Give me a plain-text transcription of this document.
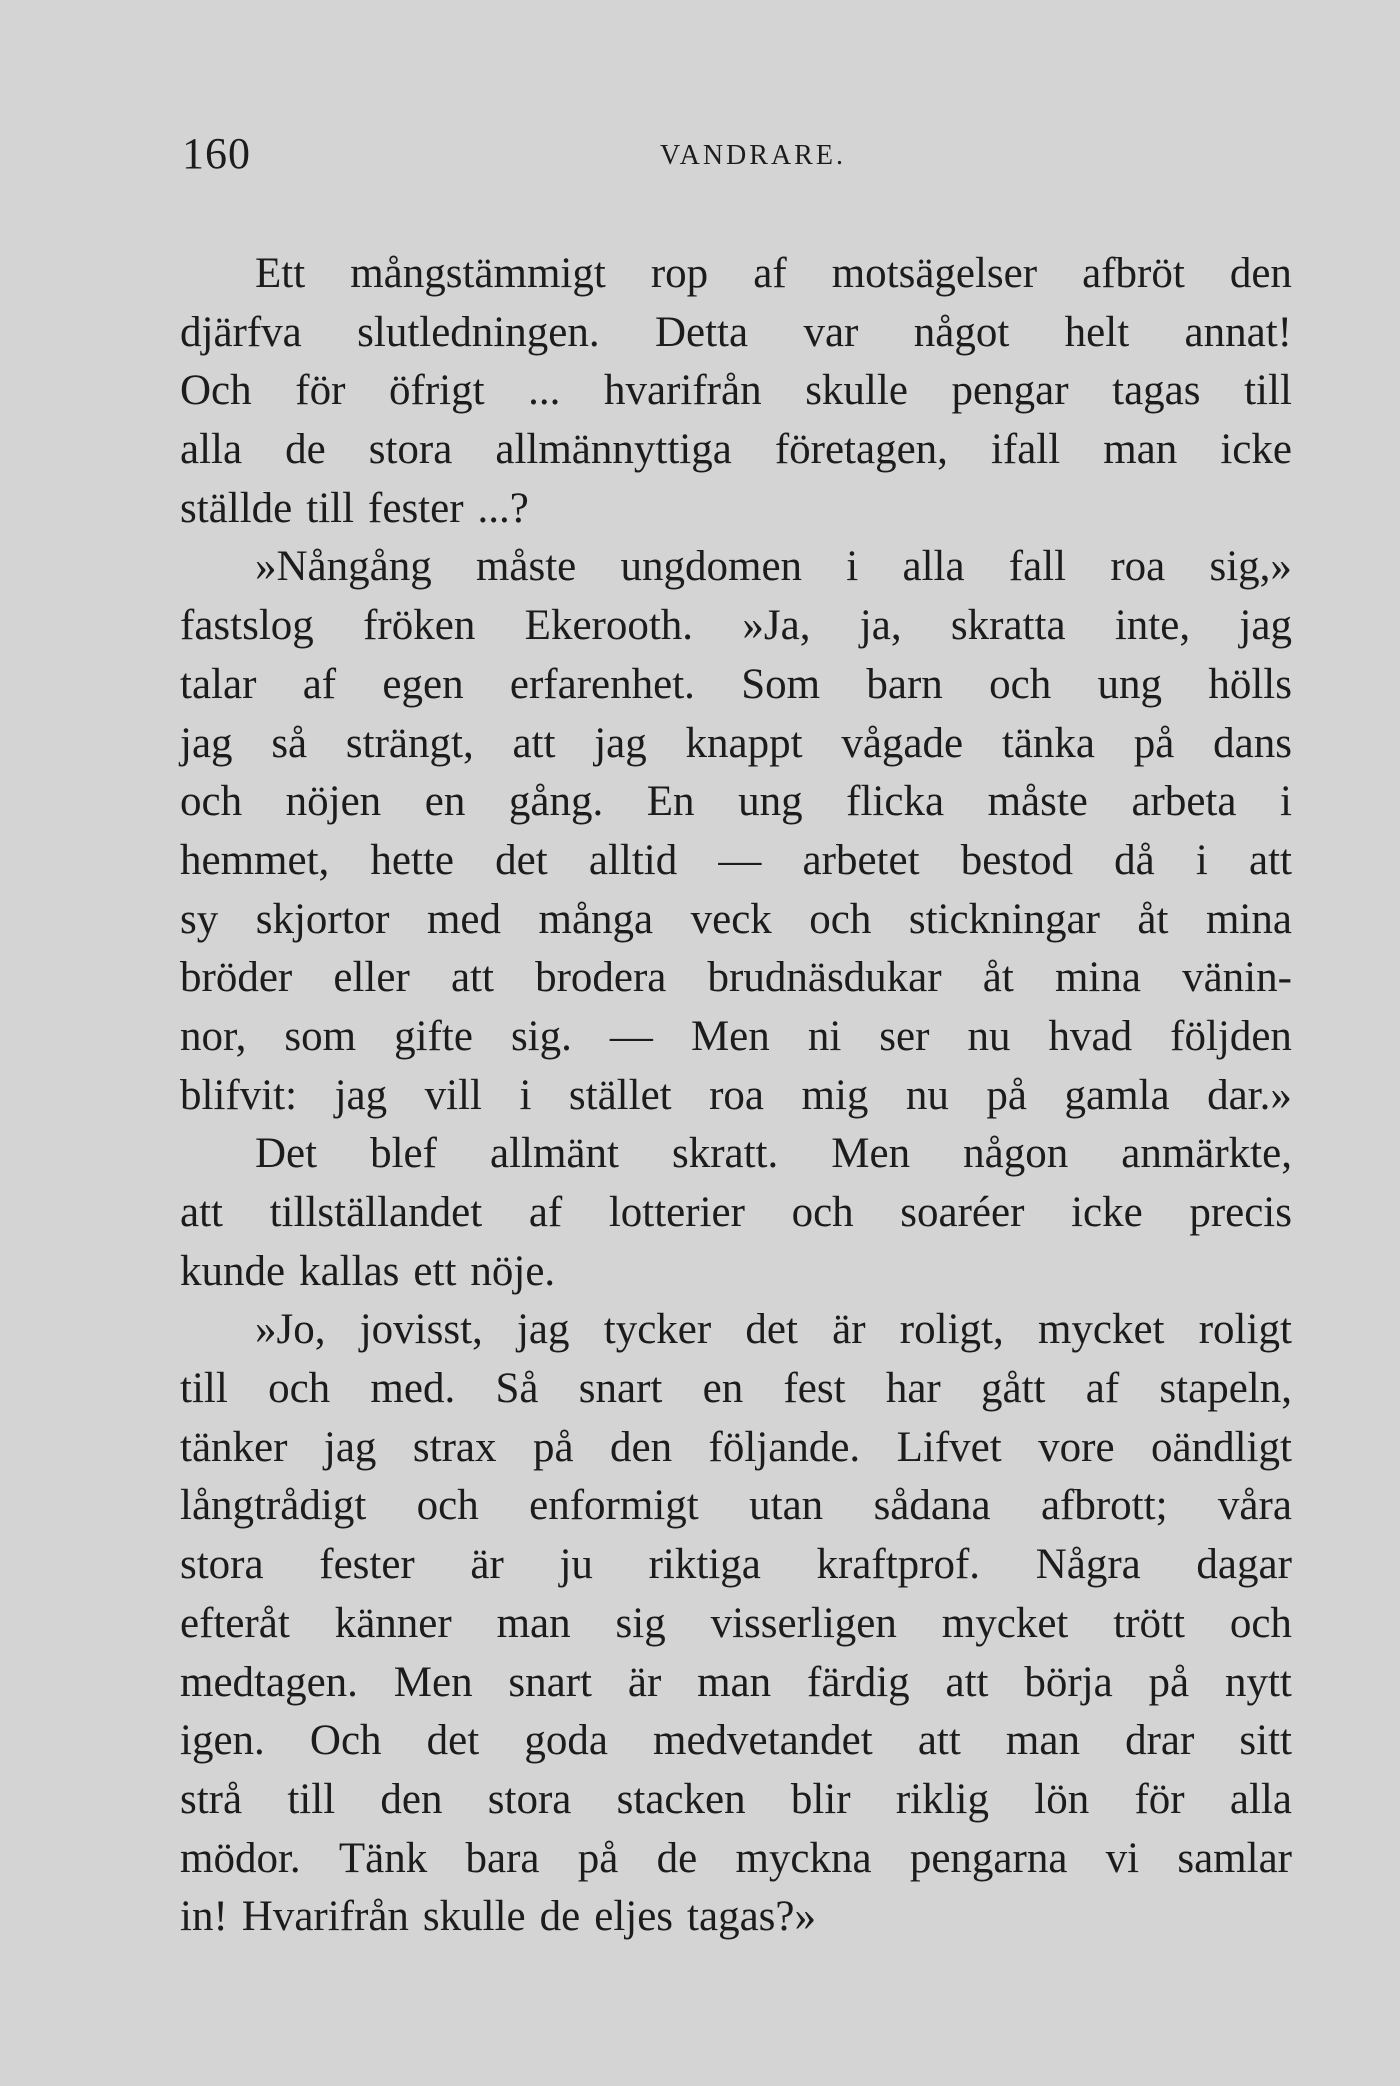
160	VANDRARE.
Ett mångstämmigt rop af motsägelser afbröt den
djärfva slutledningen. Detta var något helt annat!
Och för öfrigt ... hvarifrån skulle pengar tagas till
alla de stora allmännyttiga företagen, ifall man icke
ställde till fester ...?
»Nångång måste ungdomen i alla fall roa sig,»
fastslog fröken Ekerooth. »Ja, ja, skratta inte, jag
talar af egen erfarenhet. Som barn och ung hölls
jag så strängt, att jag knappt vågade tänka på dans
och nöjen en gång. En ung flicka måste arbeta i
hemmet, hette det alltid — arbetet bestod då i att
sy skjortor med många veck och stickningar åt mina
bröder eller att brodera brudnäsdukar åt mina vänin-
nor, som gifte sig. — Men ni ser nu hvad följden
blifvit: jag vill i stället roa mig nu på gamla dar.»
Det blef allmänt skratt. Men någon anmärkte,
att tillställandet af lotterier och soaréer icke precis
kunde kallas ett nöje.
»Jo, jovisst, jag tycker det är roligt, mycket roligt
till och med. Så snart en fest har gått af stapeln,
tänker jag strax på den följande. Lifvet vore oändligt
långtrådigt och enformigt utan sådana afbrott; våra
stora fester är ju riktiga kraftprof. Några dagar
efteråt känner man sig visserligen mycket trött och
medtagen. Men snart är man färdig att börja på nytt
igen. Och det goda medvetandet att man drar sitt
strå till den stora stacken blir riklig lön för alla
mödor. Tänk bara på de myckna pengarna vi samlar
in! Hvarifrån skulle de eljes tagas?»
